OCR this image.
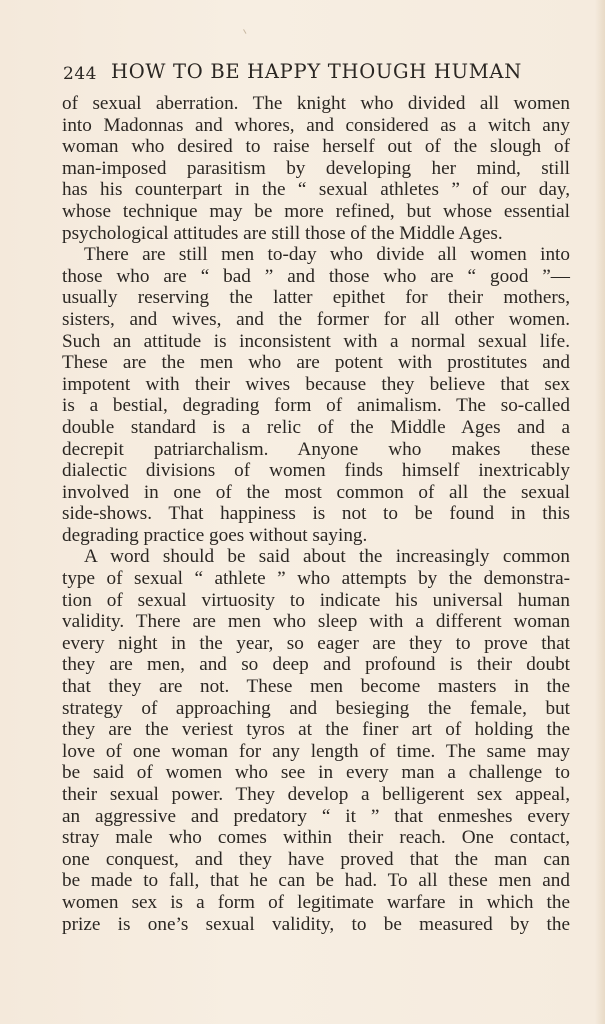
244 HOW TO BE HAPPY THOUGH HUMAN
of sexual aberration. The knight who divided all women
into Madonnas and whores, and considered as a witch any
woman who desired to raise herself out of the slough of
man-imposed parasitism by developing her mind, still
has his counterpart in the “ sexual athletes ” of our day,
whose technique may be more refined, but whose essential
psychological attitudes are still those of the Middle Ages.
There are still men to-day who divide all women into
those who are “ bad ” and those who are “ good ”—
usually reserving the latter epithet for their mothers,
sisters, and wives, and the former for all other women.
Such an attitude is inconsistent with a normal sexual life.
These are the men who are potent with prostitutes and
impotent with their wives because they believe that sex
is a bestial, degrading form of animalism. The so-called
double standard is a relic of the Middle Ages and a
decrepit patriarchalism. Anyone who makes these
dialectic divisions of women finds himself inextricably
involved in one of the most common of all the sexual
side-shows. That happiness is not to be found in this
degrading practice goes without saying.
A word should be said about the increasingly common
type of sexual “ athlete ” who attempts by the demonstra-
tion of sexual virtuosity to indicate his universal human
validity. There are men who sleep with a different woman
every night in the year, so eager are they to prove that
they are men, and so deep and profound is their doubt
that they are not. These men become masters in the
strategy of approaching and besieging the female, but
they are the veriest tyros at the finer art of holding the
love of one woman for any length of time. The same may
be said of women who see in every man a challenge to
their sexual power. They develop a belligerent sex appeal,
an aggressive and predatory “ it ” that enmeshes every
stray male who comes within their reach. One contact,
one conquest, and they have proved that the man can
be made to fall, that he can be had. To all these men and
women sex is a form of legitimate warfare in which the
prize is one’s sexual validity, to be measured by the
